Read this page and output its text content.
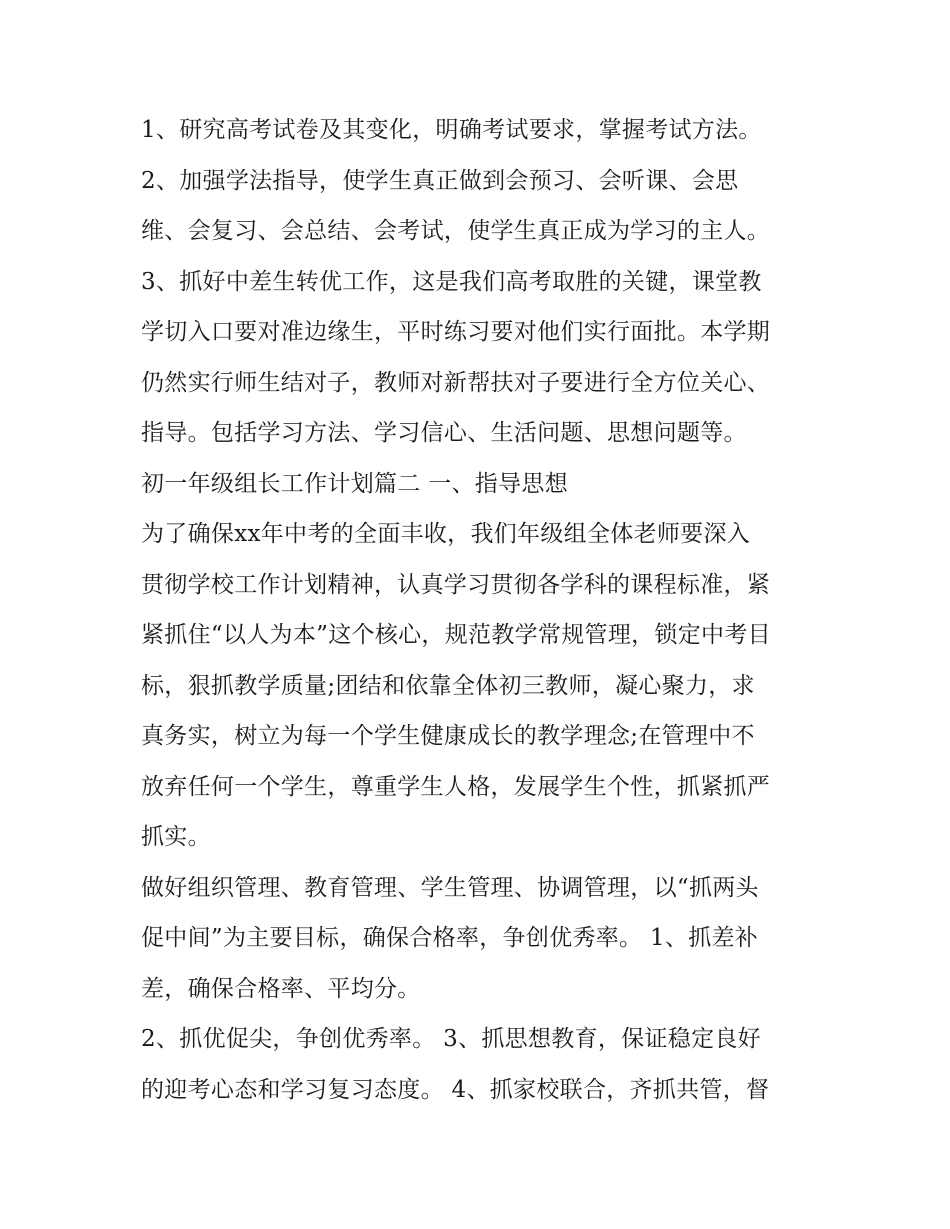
1、研究高考试卷及其变化，明确考试要求，掌握考试方法。
2、加强学法指导，使学生真正做到会预习、会听课、会思
维、会复习、会总结、会考试，使学生真正成为学习的主人。
3、抓好中差生转优工作，这是我们高考取胜的关键，课堂教
学切入口要对准边缘生，平时练习要对他们实行面批。本学期
仍然实行师生结对子，教师对新帮扶对子要进行全方位关心、
指导。包括学习方法、学习信心、生活问题、思想问题等。
初一年级组长工作计划篇二 一、指导思想
为了确保xx年中考的全面丰收，我们年级组全体老师要深入
贯彻学校工作计划精神，认真学习贯彻各学科的课程标准，紧
紧抓住“以人为本”这个核心，规范教学常规管理，锁定中考目
标，狠抓教学质量;团结和依靠全体初三教师，凝心聚力，求
真务实，树立为每一个学生健康成长的教学理念;在管理中不
放弃任何一个学生，尊重学生人格，发展学生个性，抓紧抓严
抓实。
做好组织管理、教育管理、学生管理、协调管理，以“抓两头
促中间”为主要目标，确保合格率，争创优秀率。 1、抓差补
差，确保合格率、平均分。
2、抓优促尖，争创优秀率。 3、抓思想教育，保证稳定良好
的迎考心态和学习复习态度。 4、抓家校联合，齐抓共管，督
